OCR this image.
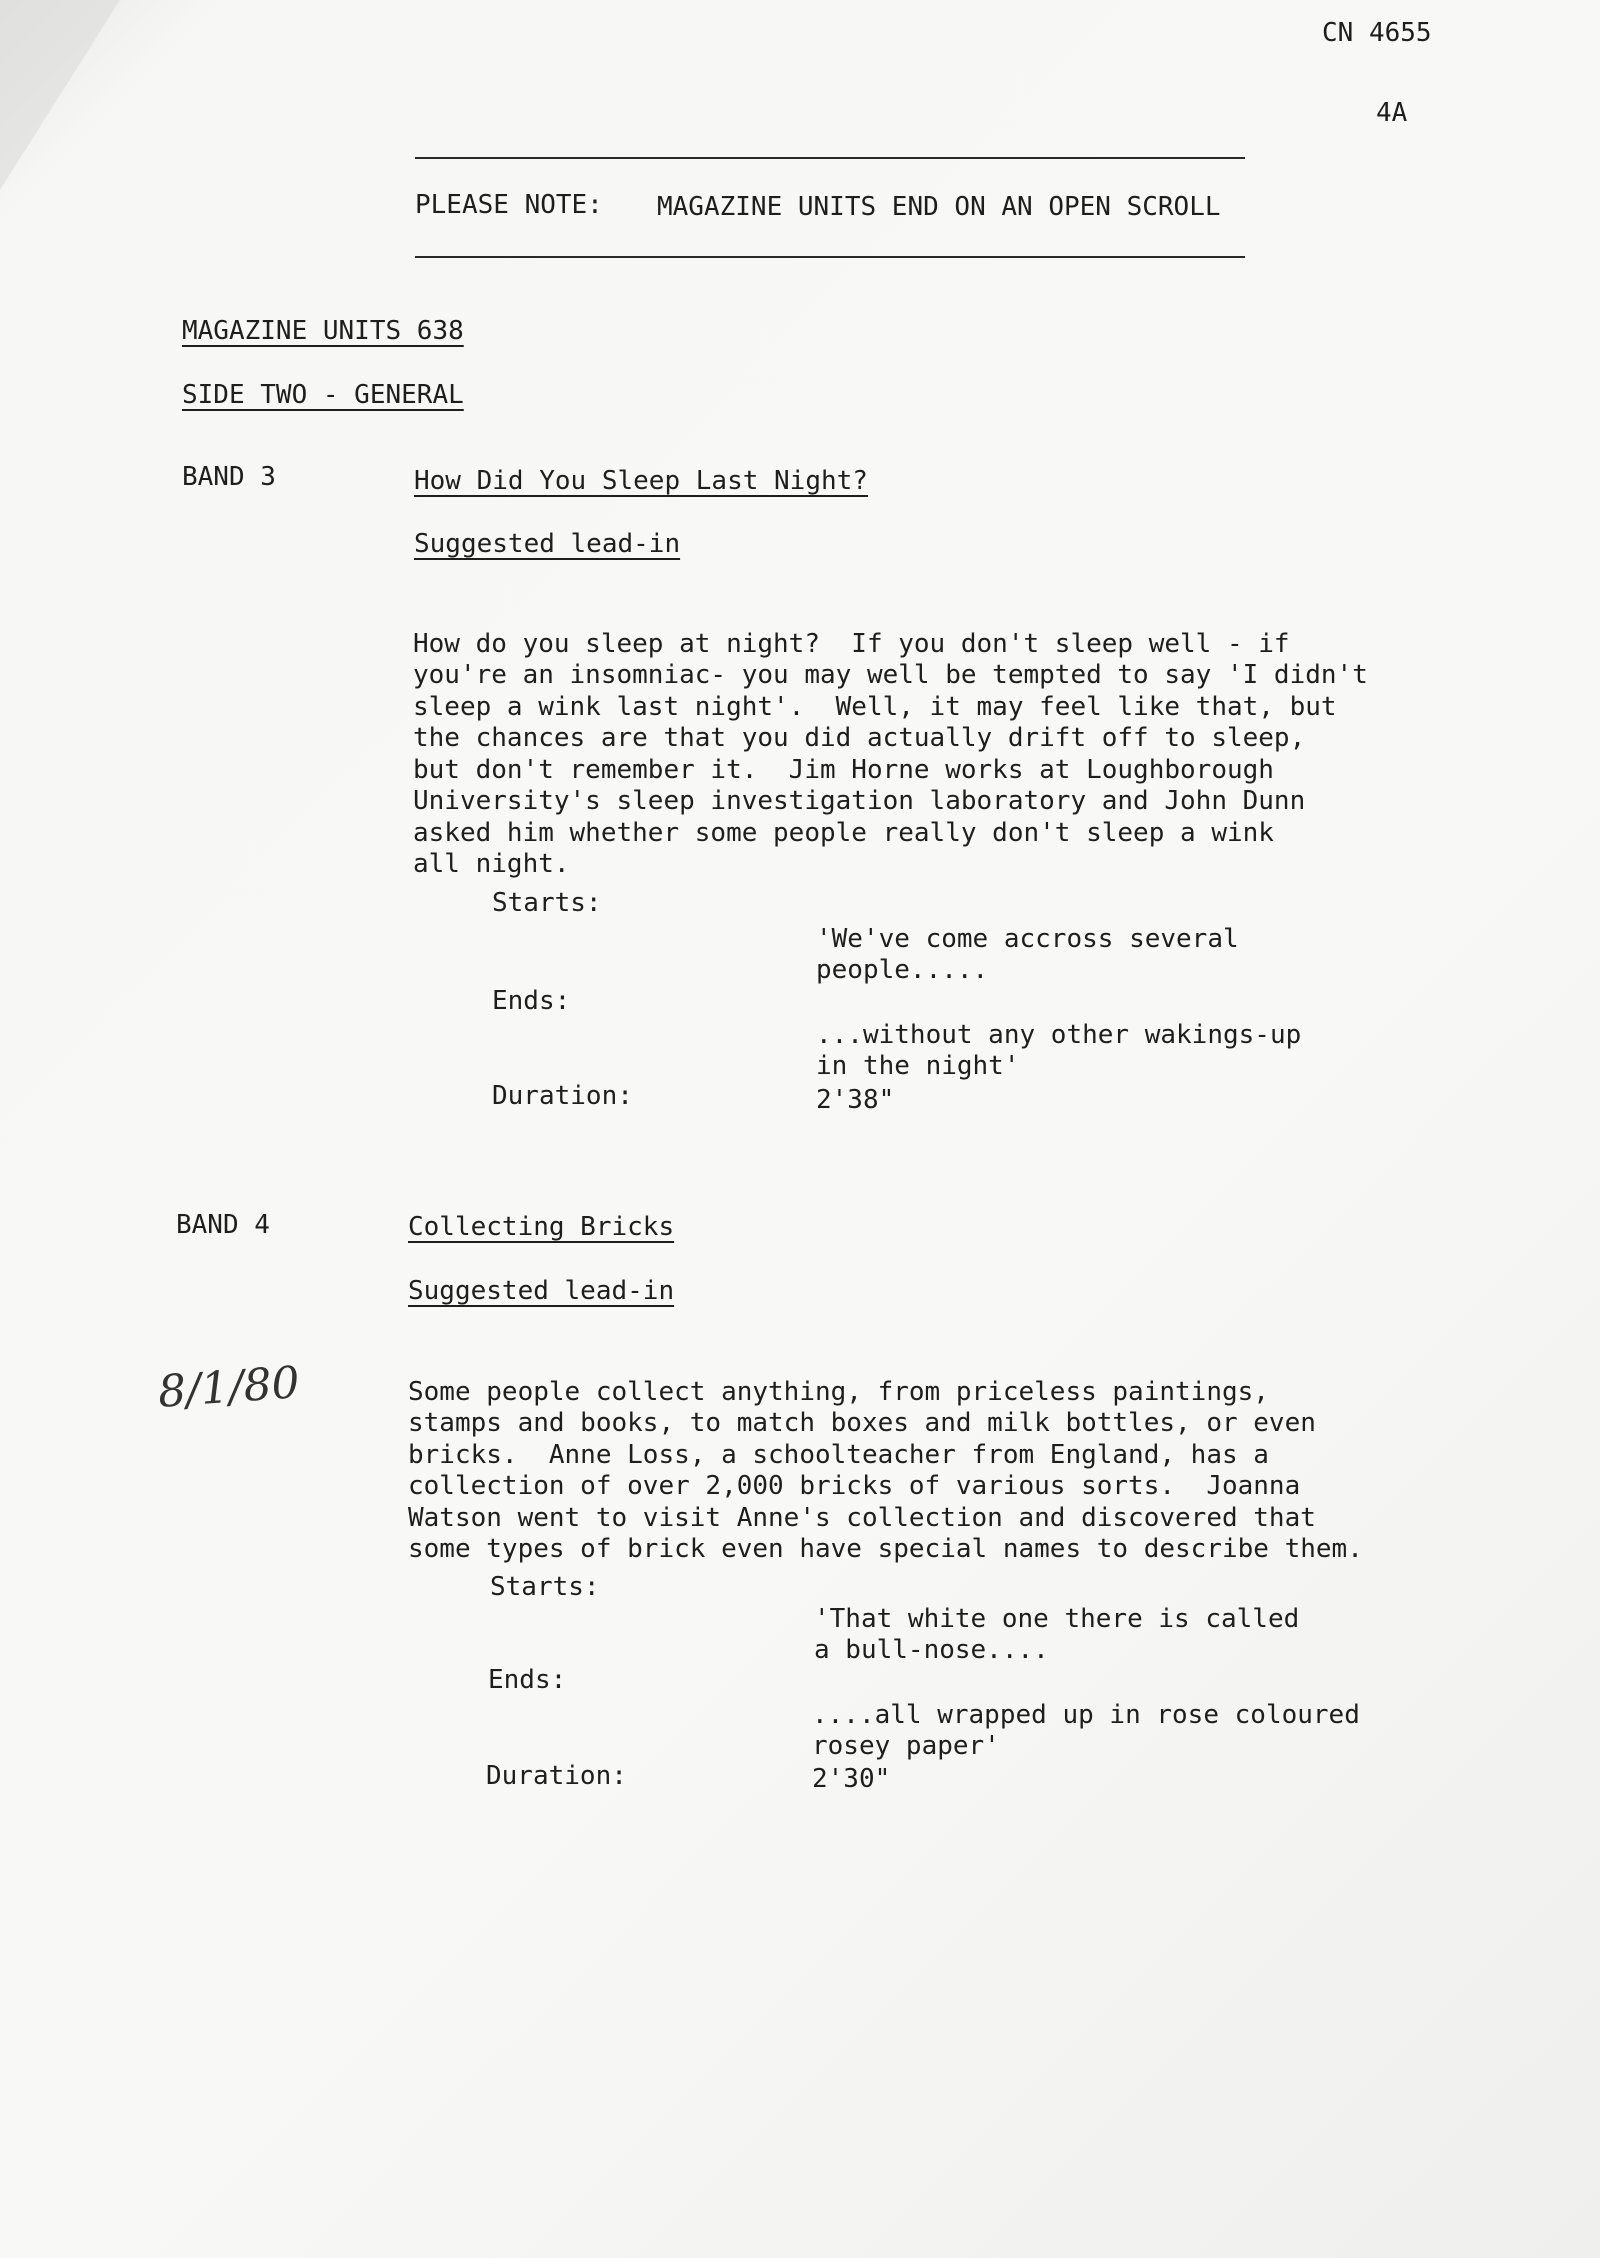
CN 4655
4A
PLEASE NOTE: MAGAZINE UNITS END ON AN OPEN SCROLL
MAGAZINE UNITS 638
SIDE TWO - GENERAL
BAND 3	How Did You Sleep Last Night?
Suggested lead-in

How do you sleep at night?  If you don't sleep well - if
you're an insomniac- you may well be tempted to say 'I didn't
sleep a wink last night'.  Well, it may feel like that, but
the chances are that you did actually drift off to sleep,
but don't remember it.  Jim Horne works at Loughborough
University's sleep investigation laboratory and John Dunn
asked him whether some people really don't sleep a wink
all night.

Starts:

'We've come accross several
people.....

Ends:

...without any other wakings-up
in the night'

Duration:	2'38"
BAND 4	Collecting Bricks
Suggested lead-in
8/1/80	Some people collect anything, from priceless paintings,
stamps and books, to match boxes and milk bottles, or even
bricks.  Anne Loss, a schoolteacher from England, has a
collection of over 2,000 bricks of various sorts.  Joanna
Watson went to visit Anne's collection and discovered that
some types of brick even have special names to describe them.

Starts:

'That white one there is called
a bull-nose....

Ends:

....all wrapped up in rose coloured
rosey paper'

Duration:	2'30"
